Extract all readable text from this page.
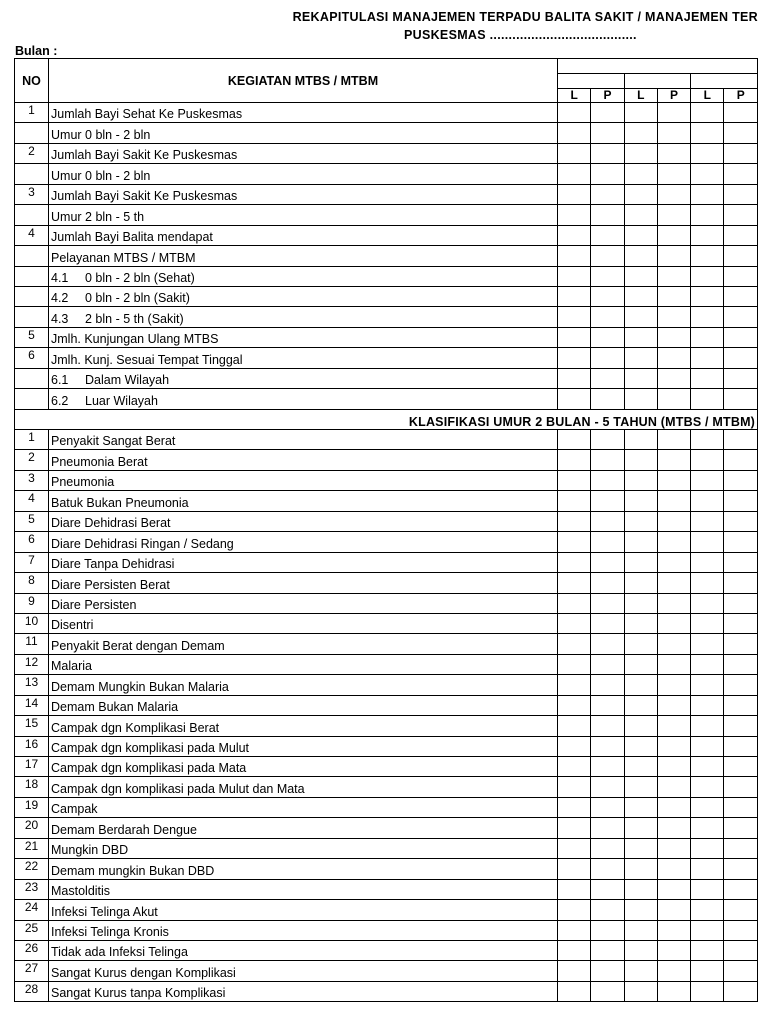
REKAPITULASI MANAJEMEN TERPADU BALITA SAKIT / MANAJEMEN TER
PUSKESMAS .......................................
Bulan :
NO	KEGIATAN MTBS / MTBM						

		L	P	L	P	L	P
1	Jumlah Bayi Sehat Ke Puskesmas						
	Umur 0 bln - 2 bln						
2	Jumlah Bayi Sakit Ke Puskesmas						
	Umur 0 bln - 2 bln						
3	Jumlah Bayi Sakit Ke Puskesmas						
	Umur 2 bln - 5 th						
4	Jumlah Bayi Balita mendapat						
	Pelayanan MTBS / MTBM						
	4.1 0 bln - 2 bln (Sehat)						
	4.2 0 bln - 2 bln (Sakit)						
	4.3 2 bln - 5 th (Sakit)						
5	Jmlh. Kunjungan Ulang MTBS						
6	Jmlh. Kunj. Sesuai Tempat Tinggal						
	6.1 Dalam Wilayah						
	6.2 Luar Wilayah						
KLASIFIKASI UMUR 2 BULAN - 5 TAHUN (MTBS / MTBM)							
1	Penyakit Sangat Berat						
2	Pneumonia Berat						
3	Pneumonia						
4	Batuk Bukan Pneumonia						
5	Diare Dehidrasi Berat						
6	Diare Dehidrasi Ringan / Sedang						
7	Diare Tanpa Dehidrasi						
8	Diare Persisten Berat						
9	Diare Persisten						
10	Disentri						
11	Penyakit Berat dengan Demam						
12	Malaria						
13	Demam Mungkin Bukan Malaria						
14	Demam Bukan Malaria						
15	Campak dgn Komplikasi Berat						
16	Campak dgn komplikasi pada Mulut						
17	Campak dgn komplikasi pada Mata						
18	Campak dgn komplikasi pada Mulut dan Mata						
19	Campak						
20	Demam Berdarah Dengue						
21	Mungkin DBD						
22	Demam mungkin Bukan DBD						
23	Mastolditis						
24	Infeksi Telinga Akut						
25	Infeksi Telinga Kronis						
26	Tidak ada Infeksi Telinga						
27	Sangat Kurus dengan Komplikasi						
28	Sangat Kurus tanpa Komplikasi						
